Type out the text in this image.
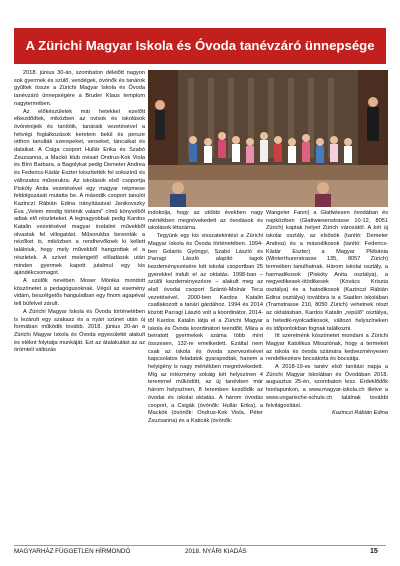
A Zürichi Magyar Iskola és Óvoda tanévzáró ünnepsége

2018. június 30-án, szombaton délelőtt nagyon sok gyermek és szülő, vendégek, óvónők és tanárok gyűltek össze a Zürichi Magyar Iskola és Óvoda tanévzáró ünnepségére a Bruder Klaus templom nagytermében.

Az előkészületek már hetekkel ezelőtt elkezdődtek, miközben az ovisok és iskolások óvónénijeik és tanítóik, tanáraik vezetésével a hétvégi foglalkozások keretein belül és persze otthon tanulták szerepeket, verseket, táncaikat és dalaikat. A Csiga csoport Hullár Erika és Szabó Zsuzsanna, a Mackó klub ovisait Ondrus-Kok Viola és Bíró Barbara, a Bagolykat pedig Demeter Andrea és Federics-Kádár Eszter készítették fel sokszínű és változatos műsorukra. Az iskolások első csoportja Piskóty Anita vezetésével egy magyar népmese feldolgozását mutatta be. A második csoport tanulói Kazinczi Rábián Edina irányításával Janikovszky Éva „Velem mindig történik valami” című könyvéből adtak elő részleteket. A legnagyobbak pedig Kardos Katalin vezetésével magyar irodalmi művekből olvastak fel villogatást. Műsorukba bevonták a nézőket is, miközben a rendhevőknek ki kellett találniuk, hogy mely művekből hangzottak el a részletek. A szívet melengető előadások után minden gyermek kapott jutalmul egy kis ajándékcsomagot.

A szülők nevében Moser Mónika mondott köszönetet a pedagógusoknak. Végül az esemény vidám, beszélgetős hangulatban egy finom agapéval telt búfelvel zárult.

A Zürichi Magyar Iskola és Óvoda történetében is lezárult egy szakasz és a nyári szünet után új formában működik tovább. 2018. június 20-án a Zürichi Magyar Iskola és Óvoda egyesületté alakult és eléknt folytatja munkáját. Ezt az átalakulást az az örömteli változás

indokolja, hogy az utóbbi években nagy mértékben megnövekedett az óvodások és iskolások létszáma.

Tegyünk egy kis visszatekintést a Zürichi Magyar Iskola és Óvoda történetében. 1994-ben Golarits Gyöngyi, Szabó László és Parragi László alapító tagok kezdeményezésére két iskolai csoportban 25 gyerekkel indult el az oktatás. 1998-ban – szülői kezdeményezésre – alakult meg az első óvodai csoport Szántó-Molnár Teca vezetésével. 2000-ben Kardos Katalin csatlakozott a tanári gárdához. 1994 és 2014 között Parragi László volt a koordinátor, 2014-től Kardos Katalin látja el a Zürichi Magyar Iskola és Óvoda koordinátori teendőit. Mára a beiratott gyermekek száma több mint összesen, 132-re emelkedett. Ezáltal nem csak az iskola és óvoda szervezésével kapcsolatos feladatok gyarapodtak, hanem a helyigény is nagy mértékben megnövekedett. Míg az intézmény sokáig két helyszínen 4 teremmel működött, az új tanévben már három helyszínen, 8 teremben kezdődik az óvodai és iskolai oktatás. A három óvodás csoport, a Csigák (óvónők: Hullár Erika), a Mackók (óvónők: Ondrus-Kok Viola, Péter Zsuzsanna) és a Katicák (óvónők:

Wangeler Fanni) a Glattwiesen óvodában és napköziben (Glattwiesenstrasse 10-12, 8051 Zürich) kaptak helyet Zürich városától. A két új iskolai osztály, az elsősök (tanító: Demeter Andrea) és a másodikosok (tanító: Federics-Kádár Eszter) a Magyar Plébánia (Winterthurerstrasse 135, 8057 Zürich) termeiben tanulhatnak. Három iskolai osztály, a harmadikosok (Piskóty Anita osztálya), a negyedikesek-ötödikesek (Kovács Kriszta osztálya) és a hatodikosok (Kazinczi Rábián Edina osztálya) továbbra is a Saatlen iskolában (Tramstrasse 210, 8050 Zürich) vehetnek részt az oktatásban. Kardos Katalin „repülő” osztálya, a hetedik-nyolcadikosok, változó helyszíneken és időpontokban fognak találkozni.

Itt szeretnénk köszönetet mondani a Zürichi Magyar Katolikus Missziónak, hogy a termeket az iskola és óvoda számára kedvezményesen rendelkezésre bocsátotta és bocsátja.

A 2018-19-es tanév első tanítási napja a Zürichi Magyar Iskolában és Óvodában 2018. augusztus 25-én, szombaton lesz. Érdeklődők honlapunkon, a www.magyar-iskola.ch illetve a www.ungarische-schule.ch találnak további felvilágosítást.

Kazinczi Rábián Edina

MAGYARHÁZ FÜGGETLEN HÍRMONDÓ	2018. NYÁRI KIADÁS	15
